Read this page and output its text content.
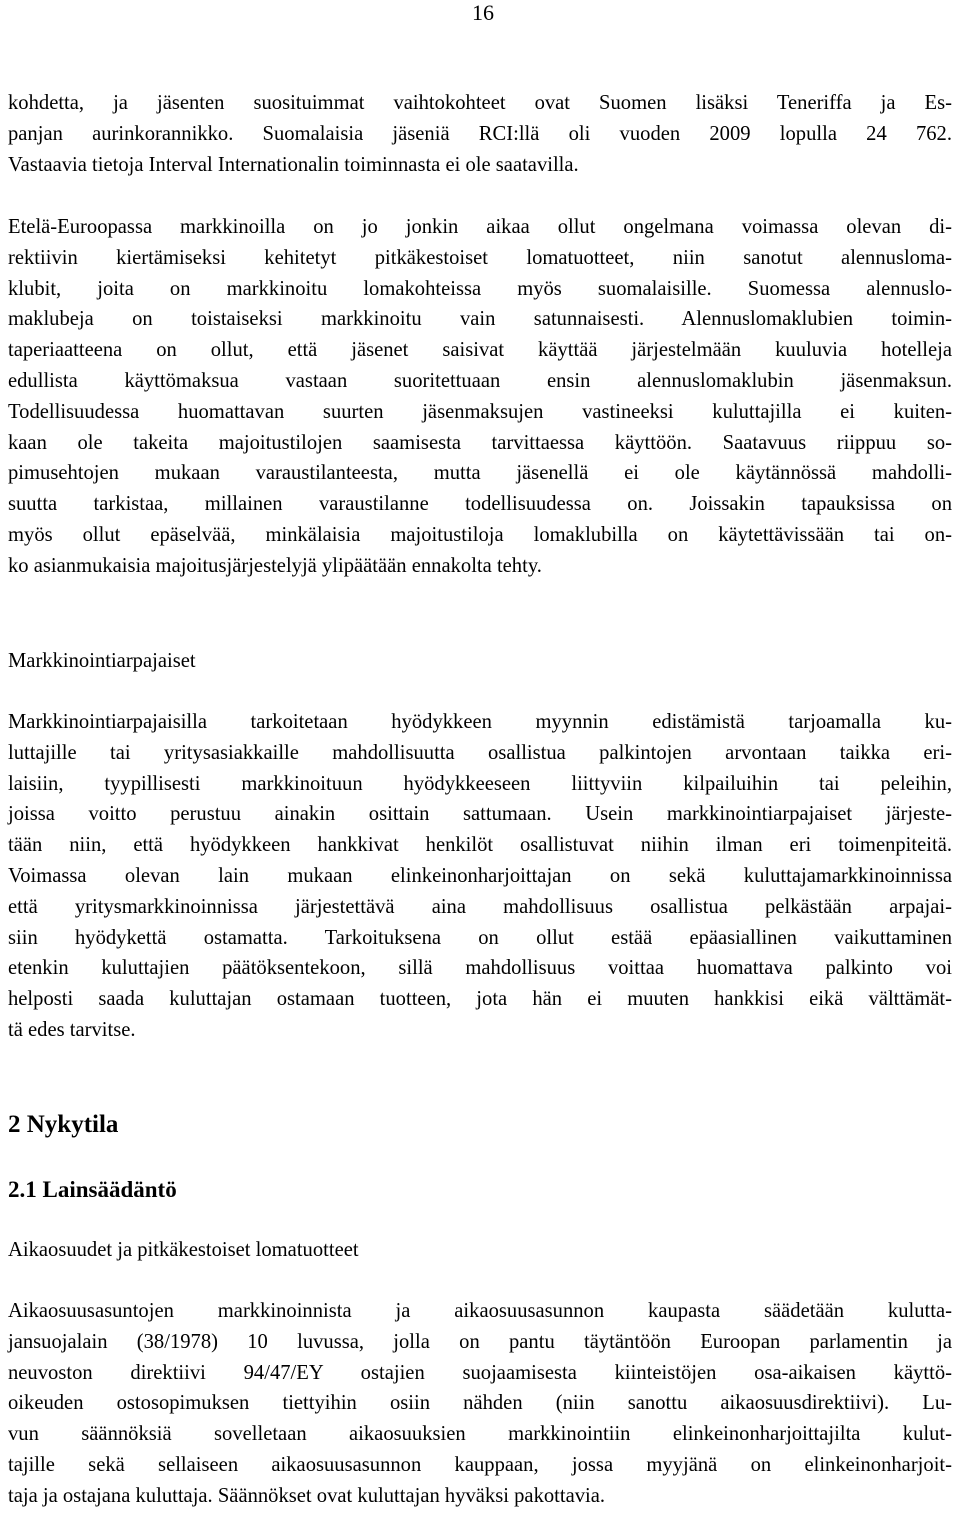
16
kohdetta, ja jäsenten suosituimmat vaihtokohteet ovat Suomen lisäksi Teneriffa ja Es-
panjan aurinkorannikko. Suomalaisia jäseniä RCI:llä oli vuoden 2009 lopulla 24 762.
Vastaavia tietoja Interval Internationalin toiminnasta ei ole saatavilla.
Etelä-Euroopassa markkinoilla on jo jonkin aikaa ollut ongelmana voimassa olevan di-
rektiivin kiertämiseksi kehitetyt pitkäkestoiset lomatuotteet, niin sanotut alennusloma-
klubit, joita on markkinoitu lomakohteissa myös suomalaisille. Suomessa alennuslo-
maklubeja on toistaiseksi markkinoitu vain satunnaisesti. Alennuslomaklubien toimin-
taperiaatteena on ollut, että jäsenet saisivat käyttää järjestelmään kuuluvia hotelleja
edullista käyttömaksua vastaan suoritettuaan ensin alennuslomaklubin jäsenmaksun.
Todellisuudessa huomattavan suurten jäsenmaksujen vastineeksi kuluttajilla ei kuiten-
kaan ole takeita majoitustilojen saamisesta tarvittaessa käyttöön. Saatavuus riippuu so-
pimusehtojen mukaan varaustilanteesta, mutta jäsenellä ei ole käytännössä mahdolli-
suutta tarkistaa, millainen varaustilanne todellisuudessa on. Joissakin tapauksissa on
myös ollut epäselvää, minkälaisia majoitustiloja lomaklubilla on käytettävissään tai on-
ko asianmukaisia majoitusjärjestelyjä ylipäätään ennakolta tehty.
Markkinointiarpajaiset
Markkinointiarpajaisilla tarkoitetaan hyödykkeen myynnin edistämistä tarjoamalla ku-
luttajille tai yritysasiakkaille mahdollisuutta osallistua palkintojen arvontaan taikka eri-
laisiin, tyypillisesti markkinoituun hyödykkeeseen liittyviin kilpailuihin tai peleihin,
joissa voitto perustuu ainakin osittain sattumaan. Usein markkinointiarpajaiset järjeste-
tään niin, että hyödykkeen hankkivat henkilöt osallistuvat niihin ilman eri toimenpiteitä.
Voimassa olevan lain mukaan elinkeinonharjoittajan on sekä kuluttajamarkkinoinnissa
että yritysmarkkinoinnissa järjestettävä aina mahdollisuus osallistua pelkästään arpajai-
siin hyödykettä ostamatta. Tarkoituksena on ollut estää epäasiallinen vaikuttaminen
etenkin kuluttajien päätöksentekoon, sillä mahdollisuus voittaa huomattava palkinto voi
helposti saada kuluttajan ostamaan tuotteen, jota hän ei muuten hankkisi eikä välttämät-
tä edes tarvitse.
2 Nykytila
2.1 Lainsäädäntö
Aikaosuudet ja pitkäkestoiset lomatuotteet
Aikaosuusasuntojen markkinoinnista ja aikaosuusasunnon kaupasta säädetään kulutta-
jansuojalain (38/1978) 10 luvussa, jolla on pantu täytäntöön Euroopan parlamentin ja
neuvoston direktiivi 94/47/EY ostajien suojaamisesta kiinteistöjen osa-aikaisen käyttö-
oikeuden ostosopimuksen tiettyihin osiin nähden (niin sanottu aikaosuusdirektiivi). Lu-
vun säännöksiä sovelletaan aikaosuuksien markkinointiin elinkeinonharjoittajilta kulut-
tajille sekä sellaiseen aikaosuusasunnon kauppaan, jossa myyjänä on elinkeinonharjoit-
taja ja ostajana kuluttaja. Säännökset ovat kuluttajan hyväksi pakottavia.
